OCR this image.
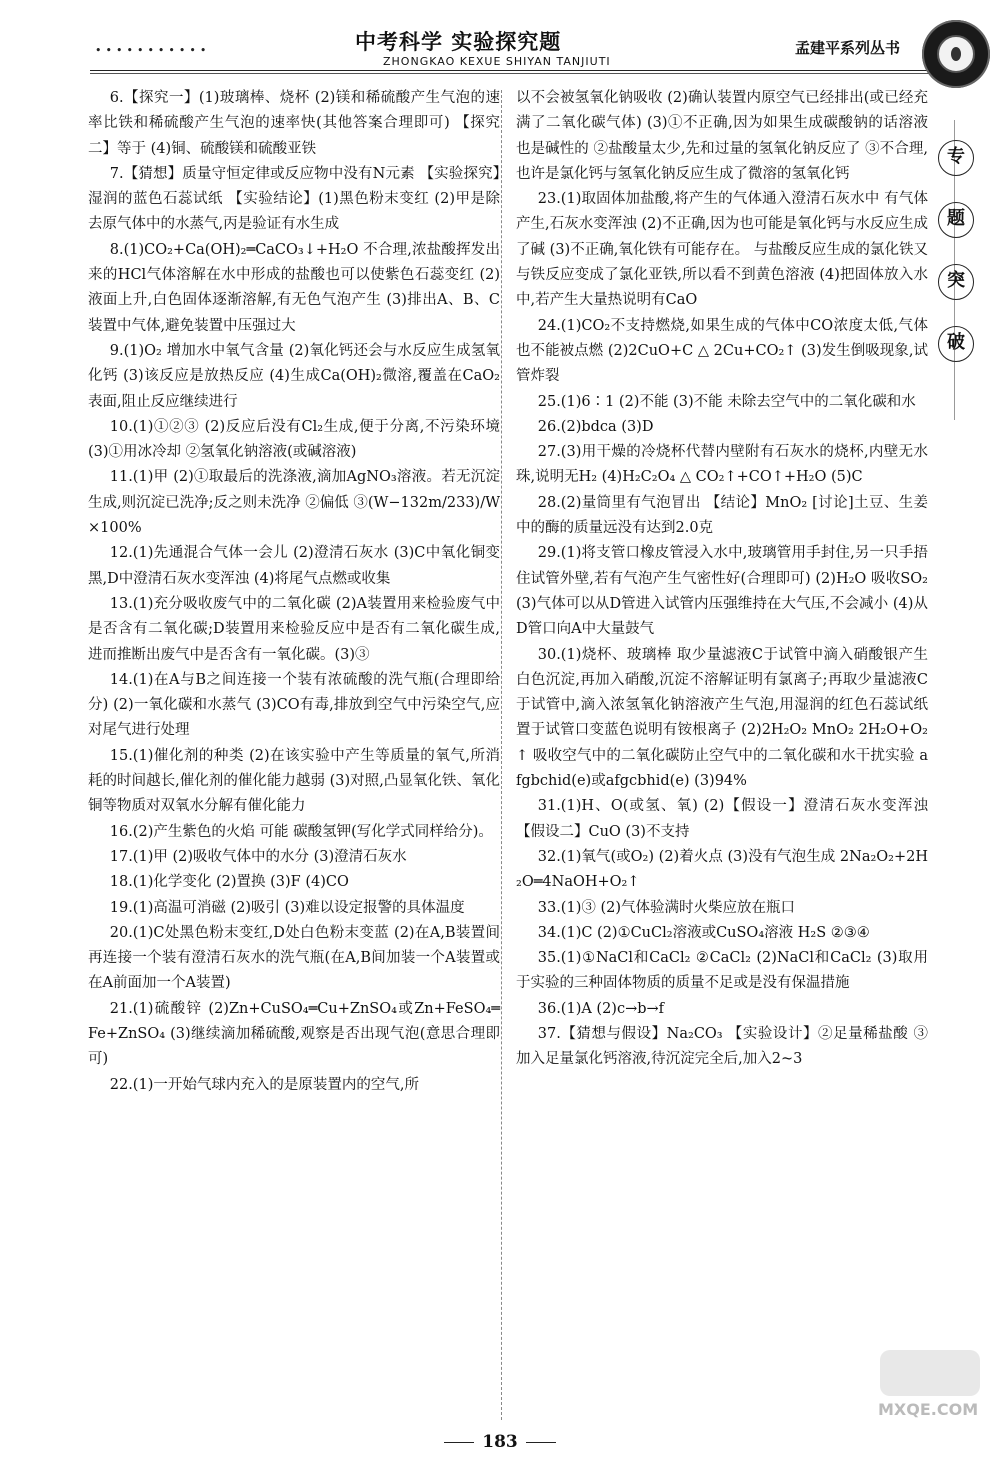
•••••••••••	中考科学 实验探究题
ZHONGKAO KEXUE SHIYAN TANJIUTI
孟建平系列丛书
专
题
突
破

6.【探究一】(1)玻璃棒、烧杯 (2)镁和稀硫酸产生气泡的速率比铁和稀硫酸产生气泡的速率快(其他答案合理即可) 【探究二】等于 (4)铜、硫酸镁和硫酸亚铁

7.【猜想】质量守恒定律或反应物中没有N元素 【实验探究】湿润的蓝色石蕊试纸 【实验结论】(1)黑色粉末变红 (2)甲是除去原气体中的水蒸气,丙是验证有水生成

8.(1)CO₂+Ca(OH)₂═CaCO₃↓+H₂O 不合理,浓盐酸挥发出来的HCl气体溶解在水中形成的盐酸也可以使紫色石蕊变红 (2)液面上升,白色固体逐渐溶解,有无色气泡产生 (3)排出A、B、C装置中气体,避免装置中压强过大

9.(1)O₂ 增加水中氧气含量 (2)氧化钙还会与水反应生成氢氧化钙 (3)该反应是放热反应 (4)生成Ca(OH)₂微溶,覆盖在CaO₂表面,阻止反应继续进行

10.(1)①②③ (2)反应后没有Cl₂生成,便于分离,不污染环境 (3)①用冰冷却 ②氢氧化钠溶液(或碱溶液)

11.(1)甲 (2)①取最后的洗涤液,滴加AgNO₃溶液。若无沉淀生成,则沉淀已洗净;反之则未洗净 ②偏低 ③(W−132m/233)/W×100%

12.(1)先通混合气体一会儿 (2)澄清石灰水 (3)C中氧化铜变黑,D中澄清石灰水变浑浊 (4)将尾气点燃或收集

13.(1)充分吸收废气中的二氧化碳 (2)A装置用来检验废气中是否含有二氧化碳;D装置用来检验反应中是否有二氧化碳生成,进而推断出废气中是否含有一氧化碳。(3)③

14.(1)在A与B之间连接一个装有浓硫酸的洗气瓶(合理即给分) (2)一氧化碳和水蒸气 (3)CO有毒,排放到空气中污染空气,应对尾气进行处理

15.(1)催化剂的种类 (2)在该实验中产生等质量的氧气,所消耗的时间越长,催化剂的催化能力越弱 (3)对照,凸显氧化铁、氧化铜等物质对双氧水分解有催化能力

16.(2)产生紫色的火焰 可能 碳酸氢钾(写化学式同样给分)。

17.(1)甲 (2)吸收气体中的水分 (3)澄清石灰水

18.(1)化学变化 (2)置换 (3)F (4)CO

19.(1)高温可消磁 (2)吸引 (3)难以设定报警的具体温度

20.(1)C处黑色粉末变红,D处白色粉末变蓝 (2)在A,B装置间再连接一个装有澄清石灰水的洗气瓶(在A,B间加装一个A装置或在A前面加一个A装置)

21.(1)硫酸锌 (2)Zn+CuSO₄═Cu+ZnSO₄或Zn+FeSO₄═Fe+ZnSO₄ (3)继续滴加稀硫酸,观察是否出现气泡(意思合理即可)

22.(1)一开始气球内充入的是原装置内的空气,所

以不会被氢氧化钠吸收 (2)确认装置内原空气已经排出(或已经充满了二氧化碳气体) (3)①不正确,因为如果生成碳酸钠的话溶液也是碱性的 ②盐酸量太少,先和过量的氢氧化钠反应了 ③不合理,也许是氯化钙与氢氧化钠反应生成了微溶的氢氧化钙

23.(1)取固体加盐酸,将产生的气体通入澄清石灰水中 有气体产生,石灰水变浑浊 (2)不正确,因为也可能是氧化钙与水反应生成了碱 (3)不正确,氧化铁有可能存在。 与盐酸反应生成的氯化铁又与铁反应变成了氯化亚铁,所以看不到黄色溶液 (4)把固体放入水中,若产生大量热说明有CaO

24.(1)CO₂不支持燃烧,如果生成的气体中CO浓度太低,气体也不能被点燃 (2)2CuO+C △ 2Cu+CO₂↑ (3)发生倒吸现象,试管炸裂

25.(1)6∶1 (2)不能 (3)不能 未除去空气中的二氧化碳和水

26.(2)bdca (3)D

27.(3)用干燥的冷烧杯代替内壁附有石灰水的烧杯,内壁无水珠,说明无H₂ (4)H₂C₂O₄ △ CO₂↑+CO↑+H₂O (5)C

28.(2)量筒里有气泡冒出 【结论】MnO₂ [讨论]土豆、生姜中的酶的质量远没有达到2.0克

29.(1)将支管口橡皮管浸入水中,玻璃管用手封住,另一只手捂住试管外壁,若有气泡产生气密性好(合理即可) (2)H₂O 吸收SO₂ (3)气体可以从D管进入试管内压强维持在大气压,不会减小 (4)从D管口向A中大量鼓气

30.(1)烧杯、玻璃棒 取少量滤液C于试管中滴入硝酸银产生白色沉淀,再加入硝酸,沉淀不溶解证明有氯离子;再取少量滤液C于试管中,滴入浓氢氧化钠溶液产生气泡,用湿润的红色石蕊试纸置于试管口变蓝色说明有铵根离子 (2)2H₂O₂ MnO₂ 2H₂O+O₂↑ 吸收空气中的二氧化碳防止空气中的二氧化碳和水干扰实验 afgbchid(e)或afgcbhid(e) (3)94%

31.(1)H、O(或氢、氧) (2)【假设一】澄清石灰水变浑浊 【假设二】CuO (3)不支持

32.(1)氧气(或O₂) (2)着火点 (3)没有气泡生成 2Na₂O₂+2H₂O═4NaOH+O₂↑

33.(1)③ (2)气体验满时火柴应放在瓶口

34.(1)C (2)①CuCl₂溶液或CuSO₄溶液 H₂S ②③④

35.(1)①NaCl和CaCl₂ ②CaCl₂ (2)NaCl和CaCl₂ (3)取用于实验的三种固体物质的质量不足或是没有保温措施

36.(1)A (2)c→b→f

37.【猜想与假设】Na₂CO₃ 【实验设计】②足量稀盐酸 ③加入足量氯化钙溶液,待沉淀完全后,加入2~3

MXQE.COM
183
